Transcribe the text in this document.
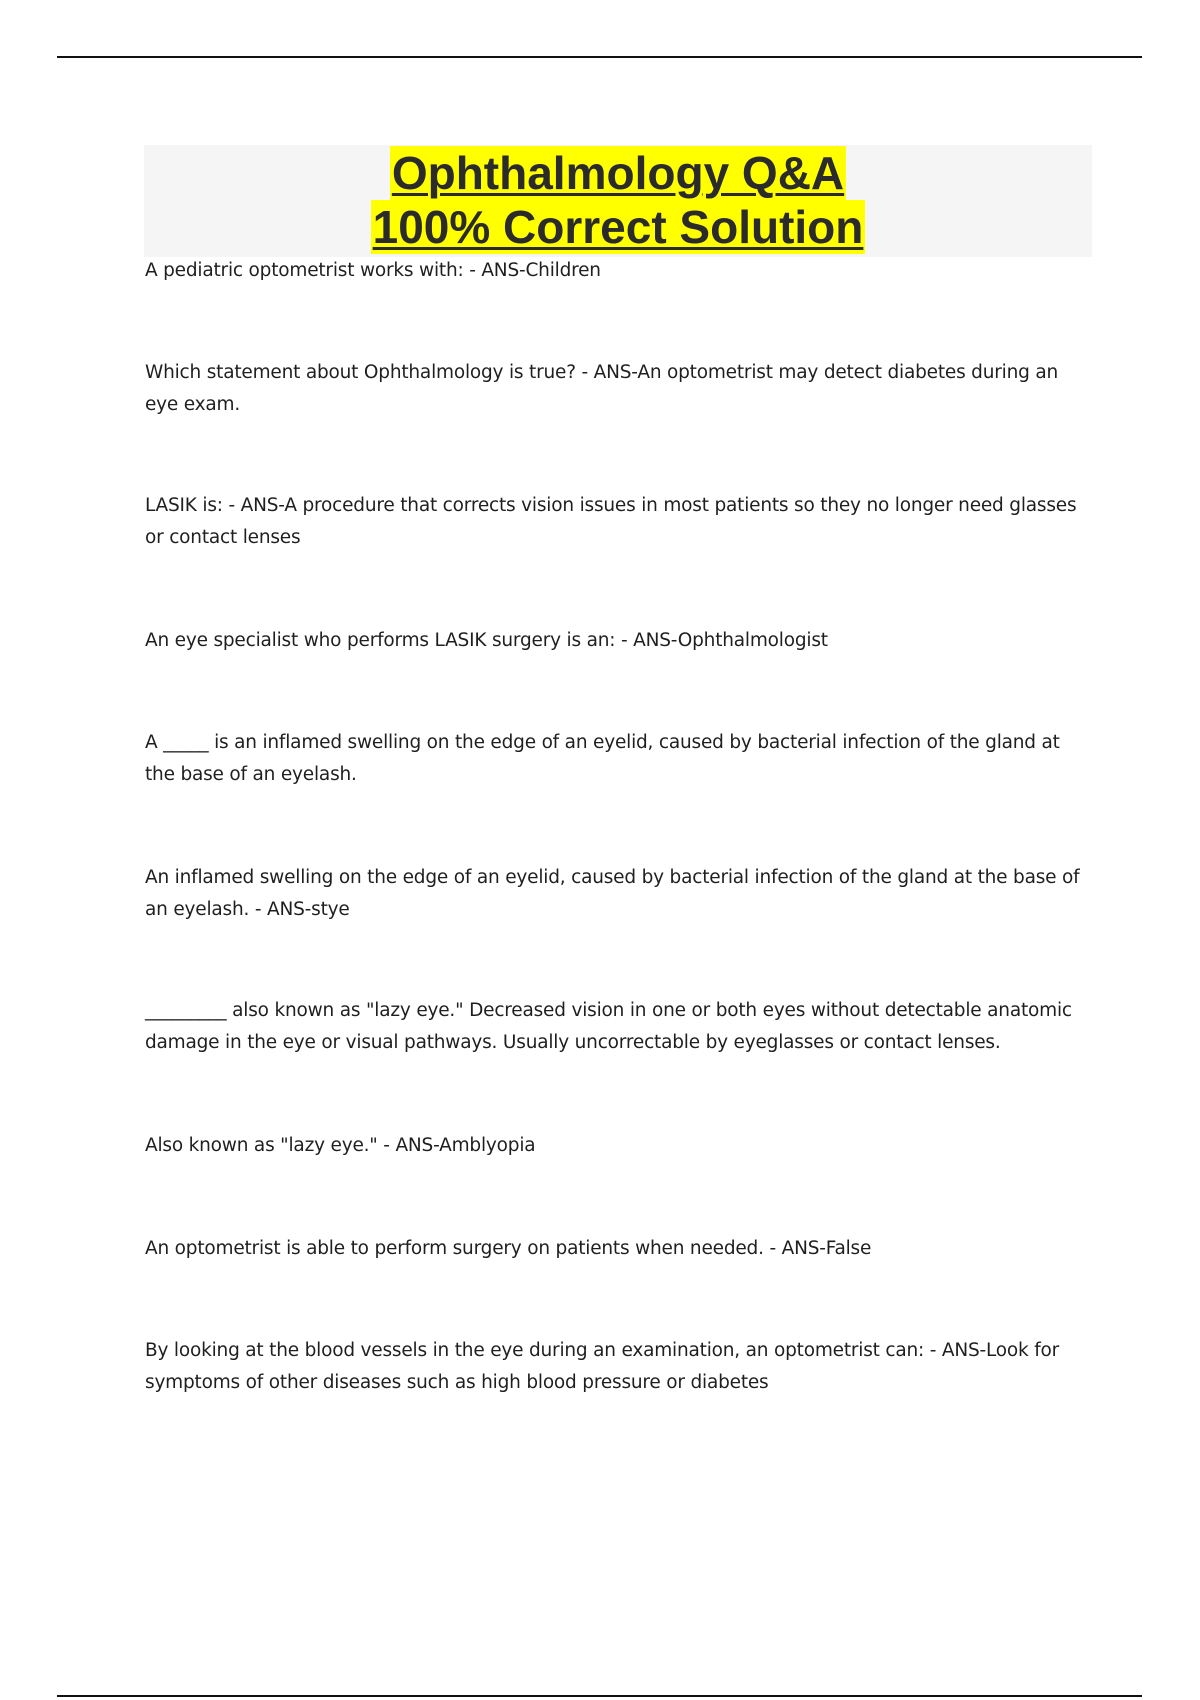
Ophthalmology Q&A
100% Correct Solution
A pediatric optometrist works with: - ANS-Children
Which statement about Ophthalmology is true? - ANS-An optometrist may detect diabetes during an eye exam.
LASIK is: - ANS-A procedure that corrects vision issues in most patients so they no longer need glasses or contact lenses
An eye specialist who performs LASIK surgery is an: - ANS-Ophthalmologist
A _____ is an inflamed swelling on the edge of an eyelid, caused by bacterial infection of the gland at the base of an eyelash.
An inflamed swelling on the edge of an eyelid, caused by bacterial infection of the gland at the base of an eyelash. - ANS-stye
_________ also known as "lazy eye." Decreased vision in one or both eyes without detectable anatomic damage in the eye or visual pathways. Usually uncorrectable by eyeglasses or contact lenses.
Also known as "lazy eye." - ANS-Amblyopia
An optometrist is able to perform surgery on patients when needed. - ANS-False
By looking at the blood vessels in the eye during an examination, an optometrist can: - ANS-Look for symptoms of other diseases such as high blood pressure or diabetes
